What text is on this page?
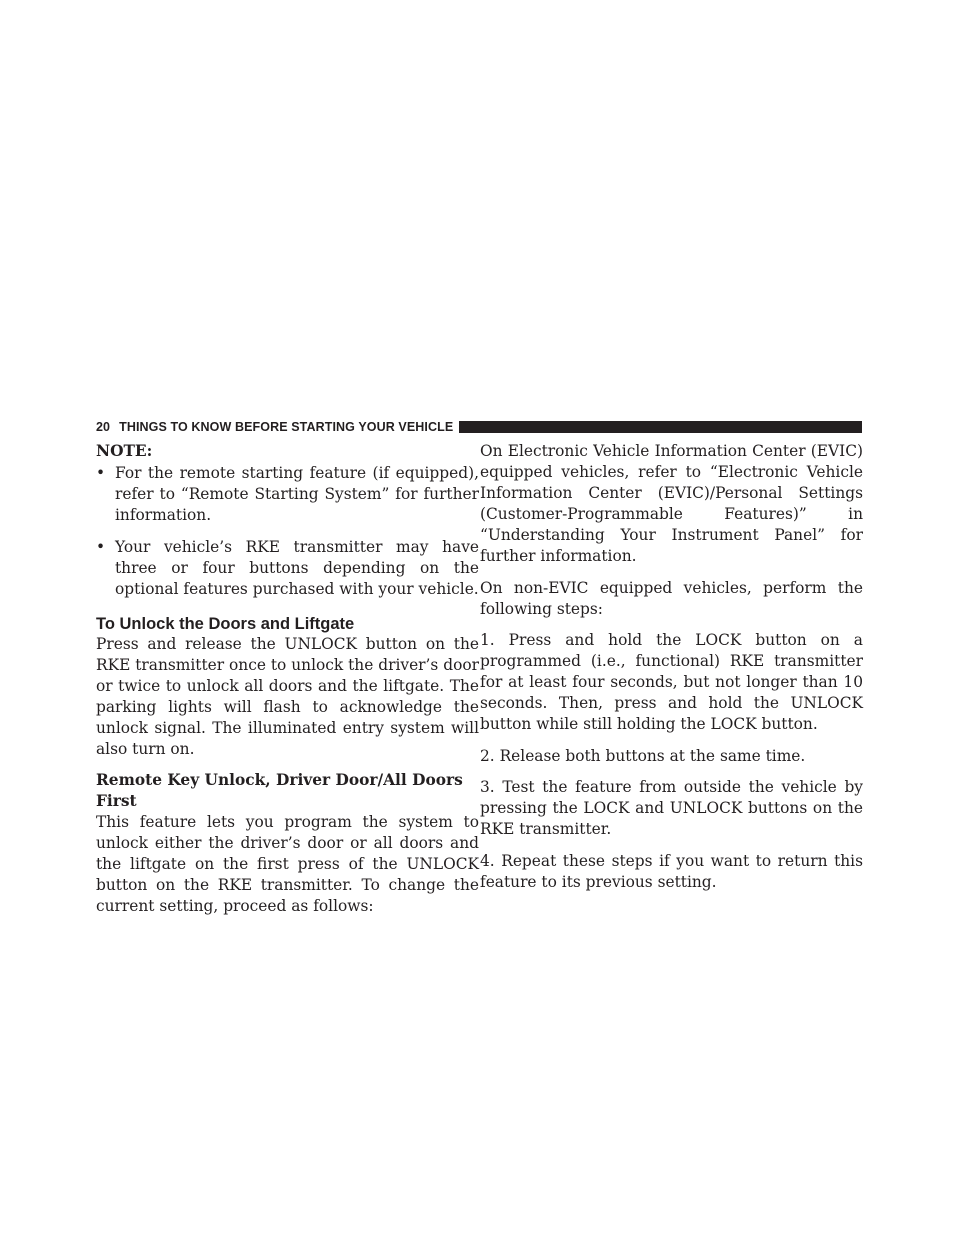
20 THINGS TO KNOW BEFORE STARTING YOUR VEHICLE

NOTE:

• For the remote starting feature (if equipped), refer to “Remote Starting System” for further information.
• Your vehicle’s RKE transmitter may have three or four buttons depending on the optional features purchased with your vehicle.
To Unlock the Doors and Liftgate

Press and release the UNLOCK button on the RKE transmitter once to unlock the driver’s door or twice to unlock all doors and the liftgate. The parking lights will flash to acknowledge the unlock signal. The illuminated entry system will also turn on.

Remote Key Unlock, Driver Door/All Doors First

This feature lets you program the system to unlock either the driver’s door or all doors and the liftgate on the first press of the UNLOCK button on the RKE transmitter. To change the current setting, proceed as follows:

On Electronic Vehicle Information Center (EVIC) equipped vehicles, refer to “Electronic Vehicle Information Center (EVIC)/Personal Settings (Customer-Programmable Features)” in “Understanding Your Instrument Panel” for further information.

On non-EVIC equipped vehicles, perform the following steps:

1. Press and hold the LOCK button on a programmed (i.e., functional) RKE transmitter for at least four seconds, but not longer than 10 seconds. Then, press and hold the UNLOCK button while still holding the LOCK button.

2. Release both buttons at the same time.

3. Test the feature from outside the vehicle by pressing the LOCK and UNLOCK buttons on the RKE transmitter.

4. Repeat these steps if you want to return this feature to its previous setting.
